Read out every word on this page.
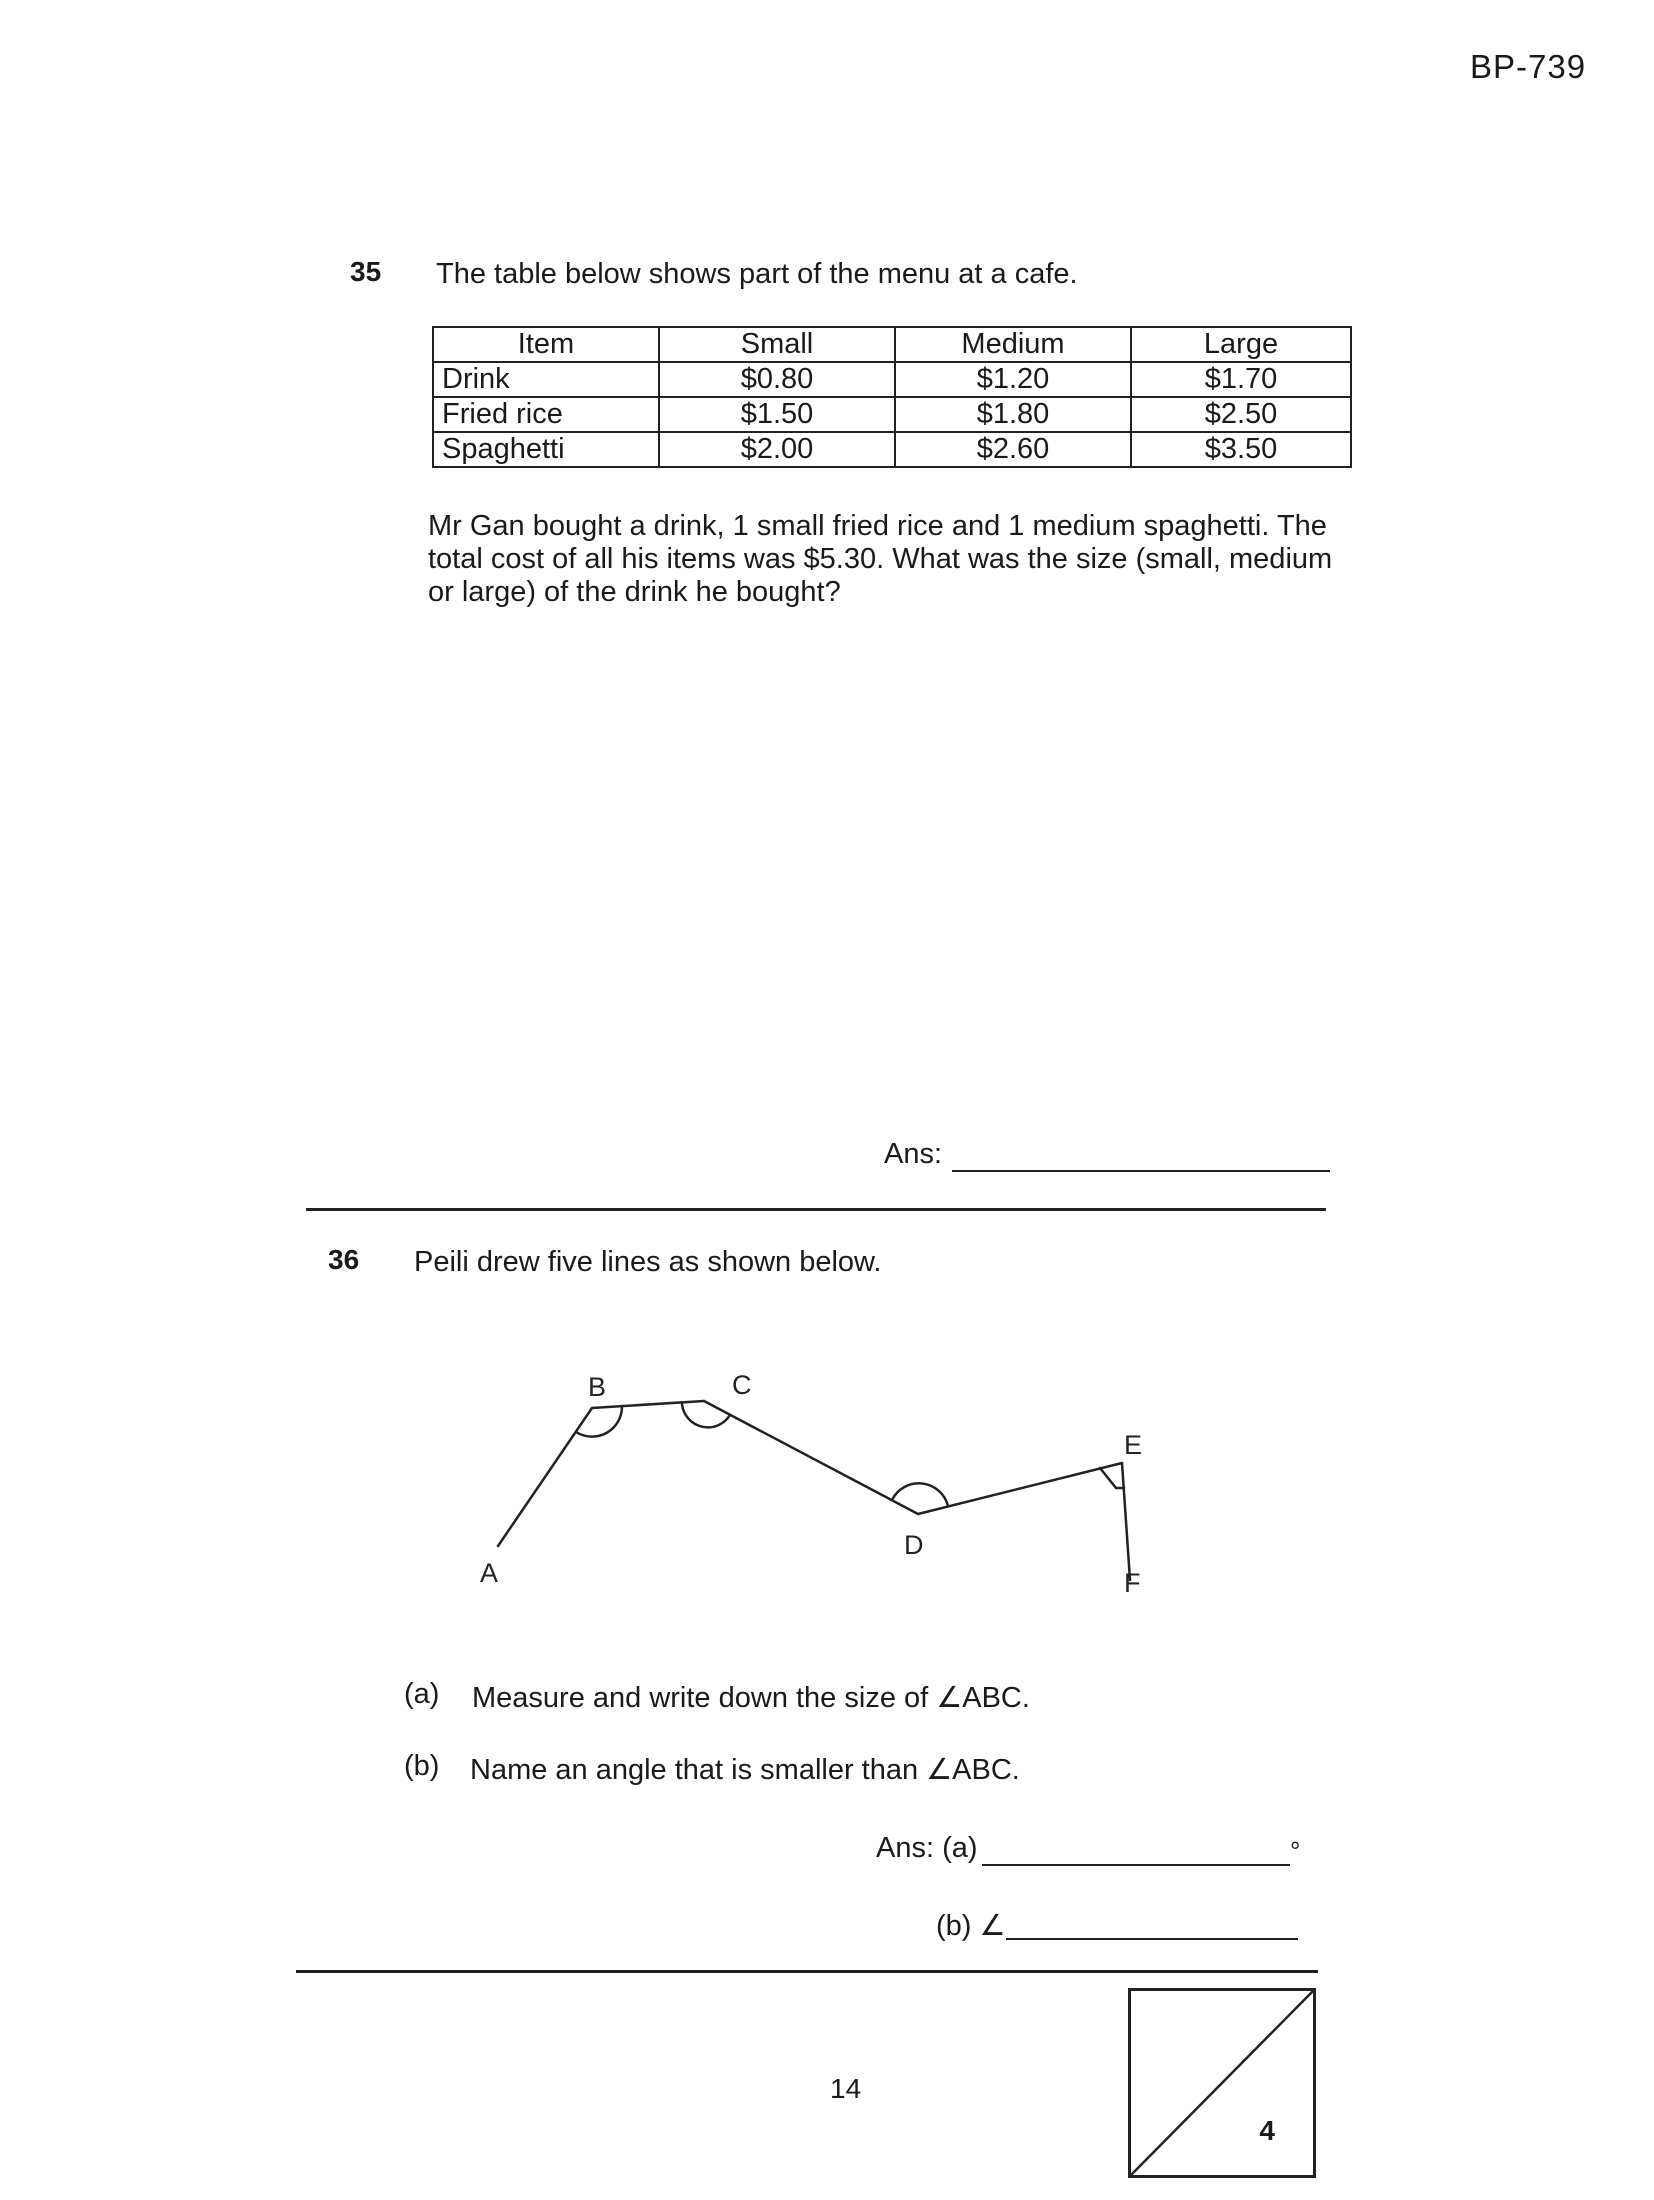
BP-739
35 The table below shows part of the menu at a cafe.
Item	Small	Medium	Large
Drink	$0.80	$1.20	$1.70
Fried rice	$1.50	$1.80	$2.50
Spaghetti	$2.00	$2.60	$3.50
Mr Gan bought a drink, 1 small fried rice and 1 medium spaghetti. The total cost of all his items was $5.30. What was the size (small, medium or large) of the drink he bought?
Ans:
36 Peili drew five lines as shown below.
A
B	C
D
E
F
(a) Measure and write down the size of ∠ABC.
(b) Name an angle that is smaller than ∠ABC.
Ans: (a)	°
(b) ∠
14
4
